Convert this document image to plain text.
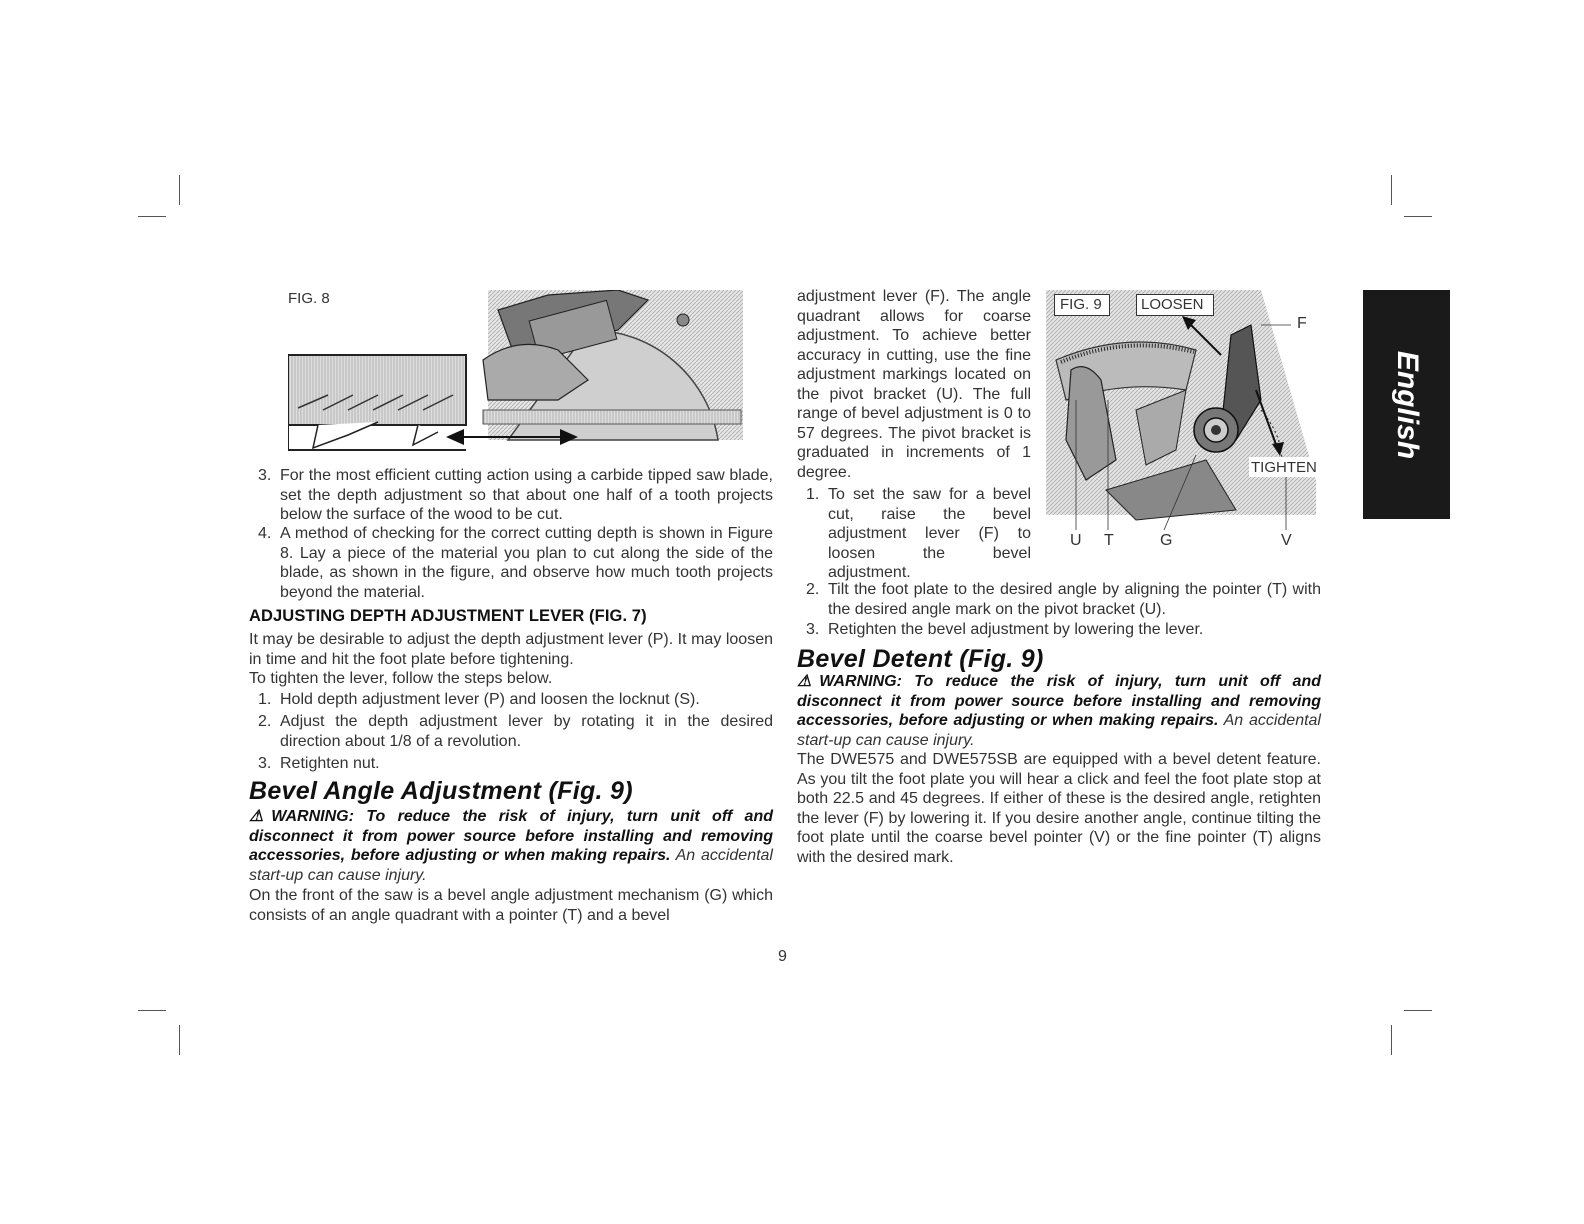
FIG. 8
3. For the most efficient cutting action using a carbide tipped saw blade, set the depth adjustment so that about one half of a tooth projects below the surface of the wood to be cut.
4. A method of checking for the correct cutting depth is shown in Figure 8. Lay a piece of the material you plan to cut along the side of the blade, as shown in the figure, and observe how much tooth projects beyond the material.
ADJUSTING DEPTH ADJUSTMENT LEVER (FIG. 7)
It may be desirable to adjust the depth adjustment lever (P). It may loosen in time and hit the foot plate before tightening.
To tighten the lever, follow the steps below.
1. Hold depth adjustment lever (P) and loosen the locknut (S).
2. Adjust the depth adjustment lever by rotating it in the desired direction about 1/8 of a revolution.
3. Retighten nut.
Bevel Angle Adjustment (Fig. 9)
⚠WARNING: To reduce the risk of injury, turn unit off and disconnect it from power source before installing and removing accessories, before adjusting or when making repairs. An accidental start-up can cause injury.
On the front of the saw is a bevel angle adjustment mechanism (G) which consists of an angle quadrant with a pointer (T) and a bevel
adjustment lever (F). The angle quadrant allows for coarse adjustment. To achieve better accuracy in cutting, use the fine adjustment markings located on the pivot bracket (U). The full range of bevel adjustment is 0 to 57 degrees. The pivot bracket is graduated in increments of 1 degree.
1. To set the saw for a bevel cut, raise the bevel adjustment lever (F) to loosen the bevel adjustment.
2. Tilt the foot plate to the desired angle by aligning the pointer (T) with the desired angle mark on the pivot bracket (U).
3. Retighten the bevel adjustment by lowering the lever.
Bevel Detent (Fig. 9)
⚠WARNING: To reduce the risk of injury, turn unit off and disconnect it from power source before installing and removing accessories, before adjusting or when making repairs. An accidental start-up can cause injury.
The DWE575 and DWE575SB are equipped with a bevel detent feature. As you tilt the foot plate you will hear a click and feel the foot plate stop at both 22.5 and 45 degrees. If either of these is the desired angle, retighten the lever (F) by lowering it. If you desire another angle, continue tilting the foot plate until the coarse bevel pointer (V) or the fine pointer (T) aligns with the desired mark.
FIG. 9	LOOSEN
TIGHTEN
F
U T	G	V
English
9
